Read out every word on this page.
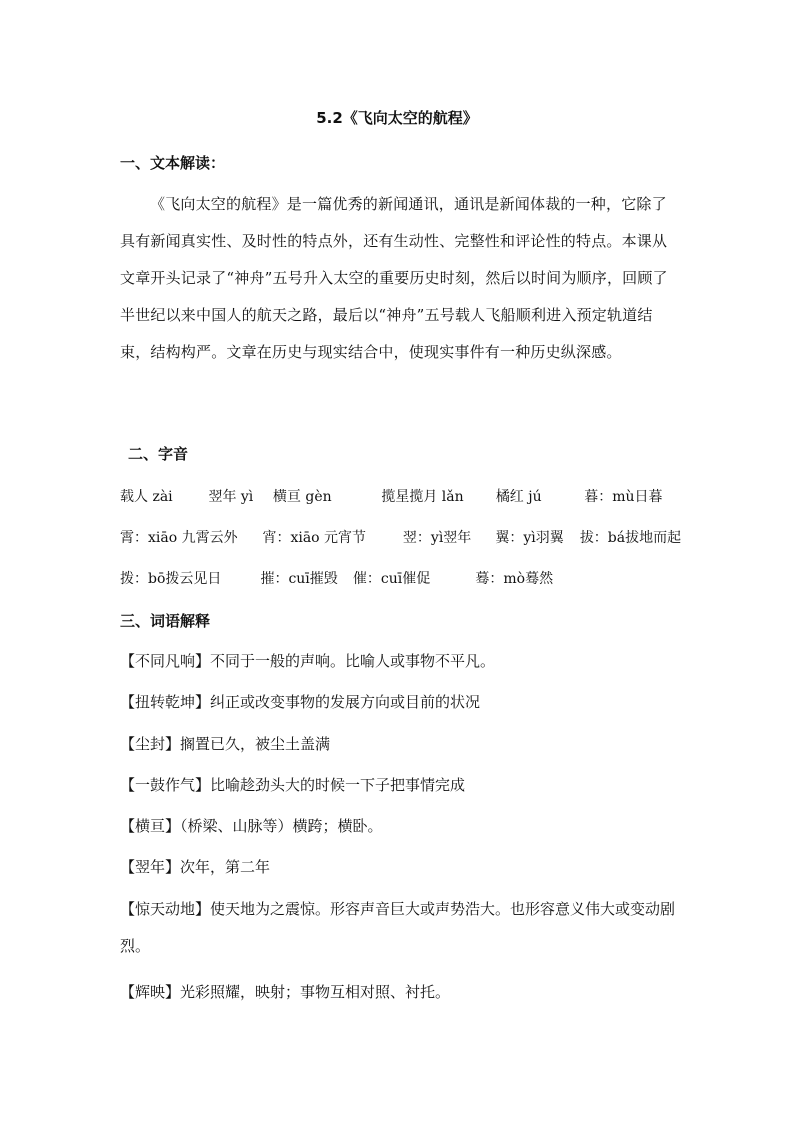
5.2《飞向太空的航程》
一、文本解读：
《飞向太空的航程》是一篇优秀的新闻通讯，通讯是新闻体裁的一种，它除了具有新闻真实性、及时性的特点外，还有生动性、完整性和评论性的特点。本课从文章开头记录了“神舟”五号升入太空的重要历史时刻，然后以时间为顺序，回顾了半世纪以来中国人的航天之路，最后以“神舟”五号载人飞船顺利进入预定轨道结束，结构构严。文章在历史与现实结合中，使现实事件有一种历史纵深感。
二、字音
载人 zài	翌年 yì 横亘 gèn	揽星揽月 lǎn 橘红 jú	暮：mù日暮
霄：xiāo 九霄云外 宵：xiāo 元宵节	翌：yì翌年 翼：yì羽翼 拔：bá拔地而起
拨：bō拨云见日	摧：cuī摧毁 催：cuī催促	蓦：mò蓦然
三、词语解释
【不同凡响】不同于一般的声响。比喻人或事物不平凡。
【扭转乾坤】纠正或改变事物的发展方向或目前的状况
【尘封】搁置已久，被尘土盖满
【一鼓作气】比喻趁劲头大的时候一下子把事情完成
【横亘】（桥梁、山脉等）横跨；横卧。
【翌年】次年，第二年
【惊天动地】使天地为之震惊。形容声音巨大或声势浩大。也形容意义伟大或变动剧烈。
【辉映】光彩照耀，映射；事物互相对照、衬托。
